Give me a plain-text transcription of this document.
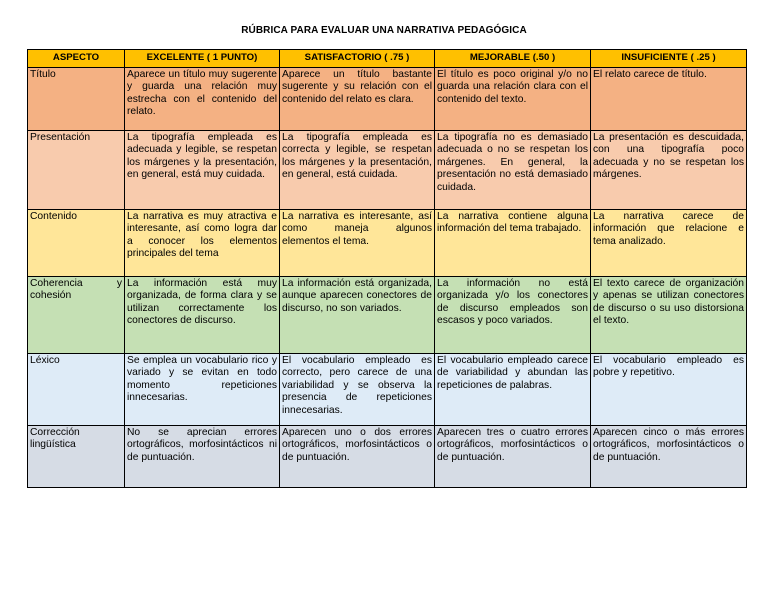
RÚBRICA PARA EVALUAR UNA NARRATIVA PEDAGÓGICA
ASPECTO	EXCELENTE ( 1 PUNTO)	SATISFACTORIO ( .75 )	MEJORABLE (.50 )	INSUFICIENTE ( .25 )
Título	Aparece un título muy sugerente y guarda una relación muy estrecha con el contenido del relato.	Aparece un título bastante sugerente y su relación con el contenido del relato es clara.	El título es poco original y/o no guarda una relación clara con el contenido del texto.	El relato carece de título.
Presentación	La tipografía empleada es adecuada y legible, se respetan los márgenes y la presentación, en general, está muy cuidada.	La tipografía empleada es correcta y legible, se respetan los márgenes y la presentación, en general, está cuidada.	La tipografía no es demasiado adecuada o no se respetan los márgenes. En general, la presentación no está demasiado cuidada.	La presentación es descuidada, con una tipografía poco adecuada y no se respetan los márgenes.
Contenido	La narrativa es muy atractiva e interesante, así como logra dar a conocer los elementos principales del tema	La narrativa es interesante, así como maneja algunos elementos el tema.	La narrativa contiene alguna información del tema trabajado.	La narrativa carece de información que relacione e tema analizado.
Coherencia y cohesión	La información está muy organizada, de forma clara y se utilizan correctamente los conectores de discurso.	La información está organizada, aunque aparecen conectores de discurso, no son variados.	La información no está organizada y/o los conectores de discurso empleados son escasos y poco variados.	El texto carece de organización y apenas se utilizan conectores de discurso o su uso distorsiona el texto.
Léxico	Se emplea un vocabulario rico y variado y se evitan en todo momento repeticiones innecesarias.	El vocabulario empleado es correcto, pero carece de una variabilidad y se observa la presencia de repeticiones innecesarias.	El vocabulario empleado carece de variabilidad y abundan las repeticiones de palabras.	El vocabulario empleado es pobre y repetitivo.
Corrección lingüística	No se aprecian errores ortográficos, morfosintácticos ni de puntuación.	Aparecen uno o dos errores ortográficos, morfosintácticos o de puntuación.	Aparecen tres o cuatro errores ortográficos, morfosintácticos o de puntuación.	Aparecen cinco o más errores ortográficos, morfosintácticos o de puntuación.
